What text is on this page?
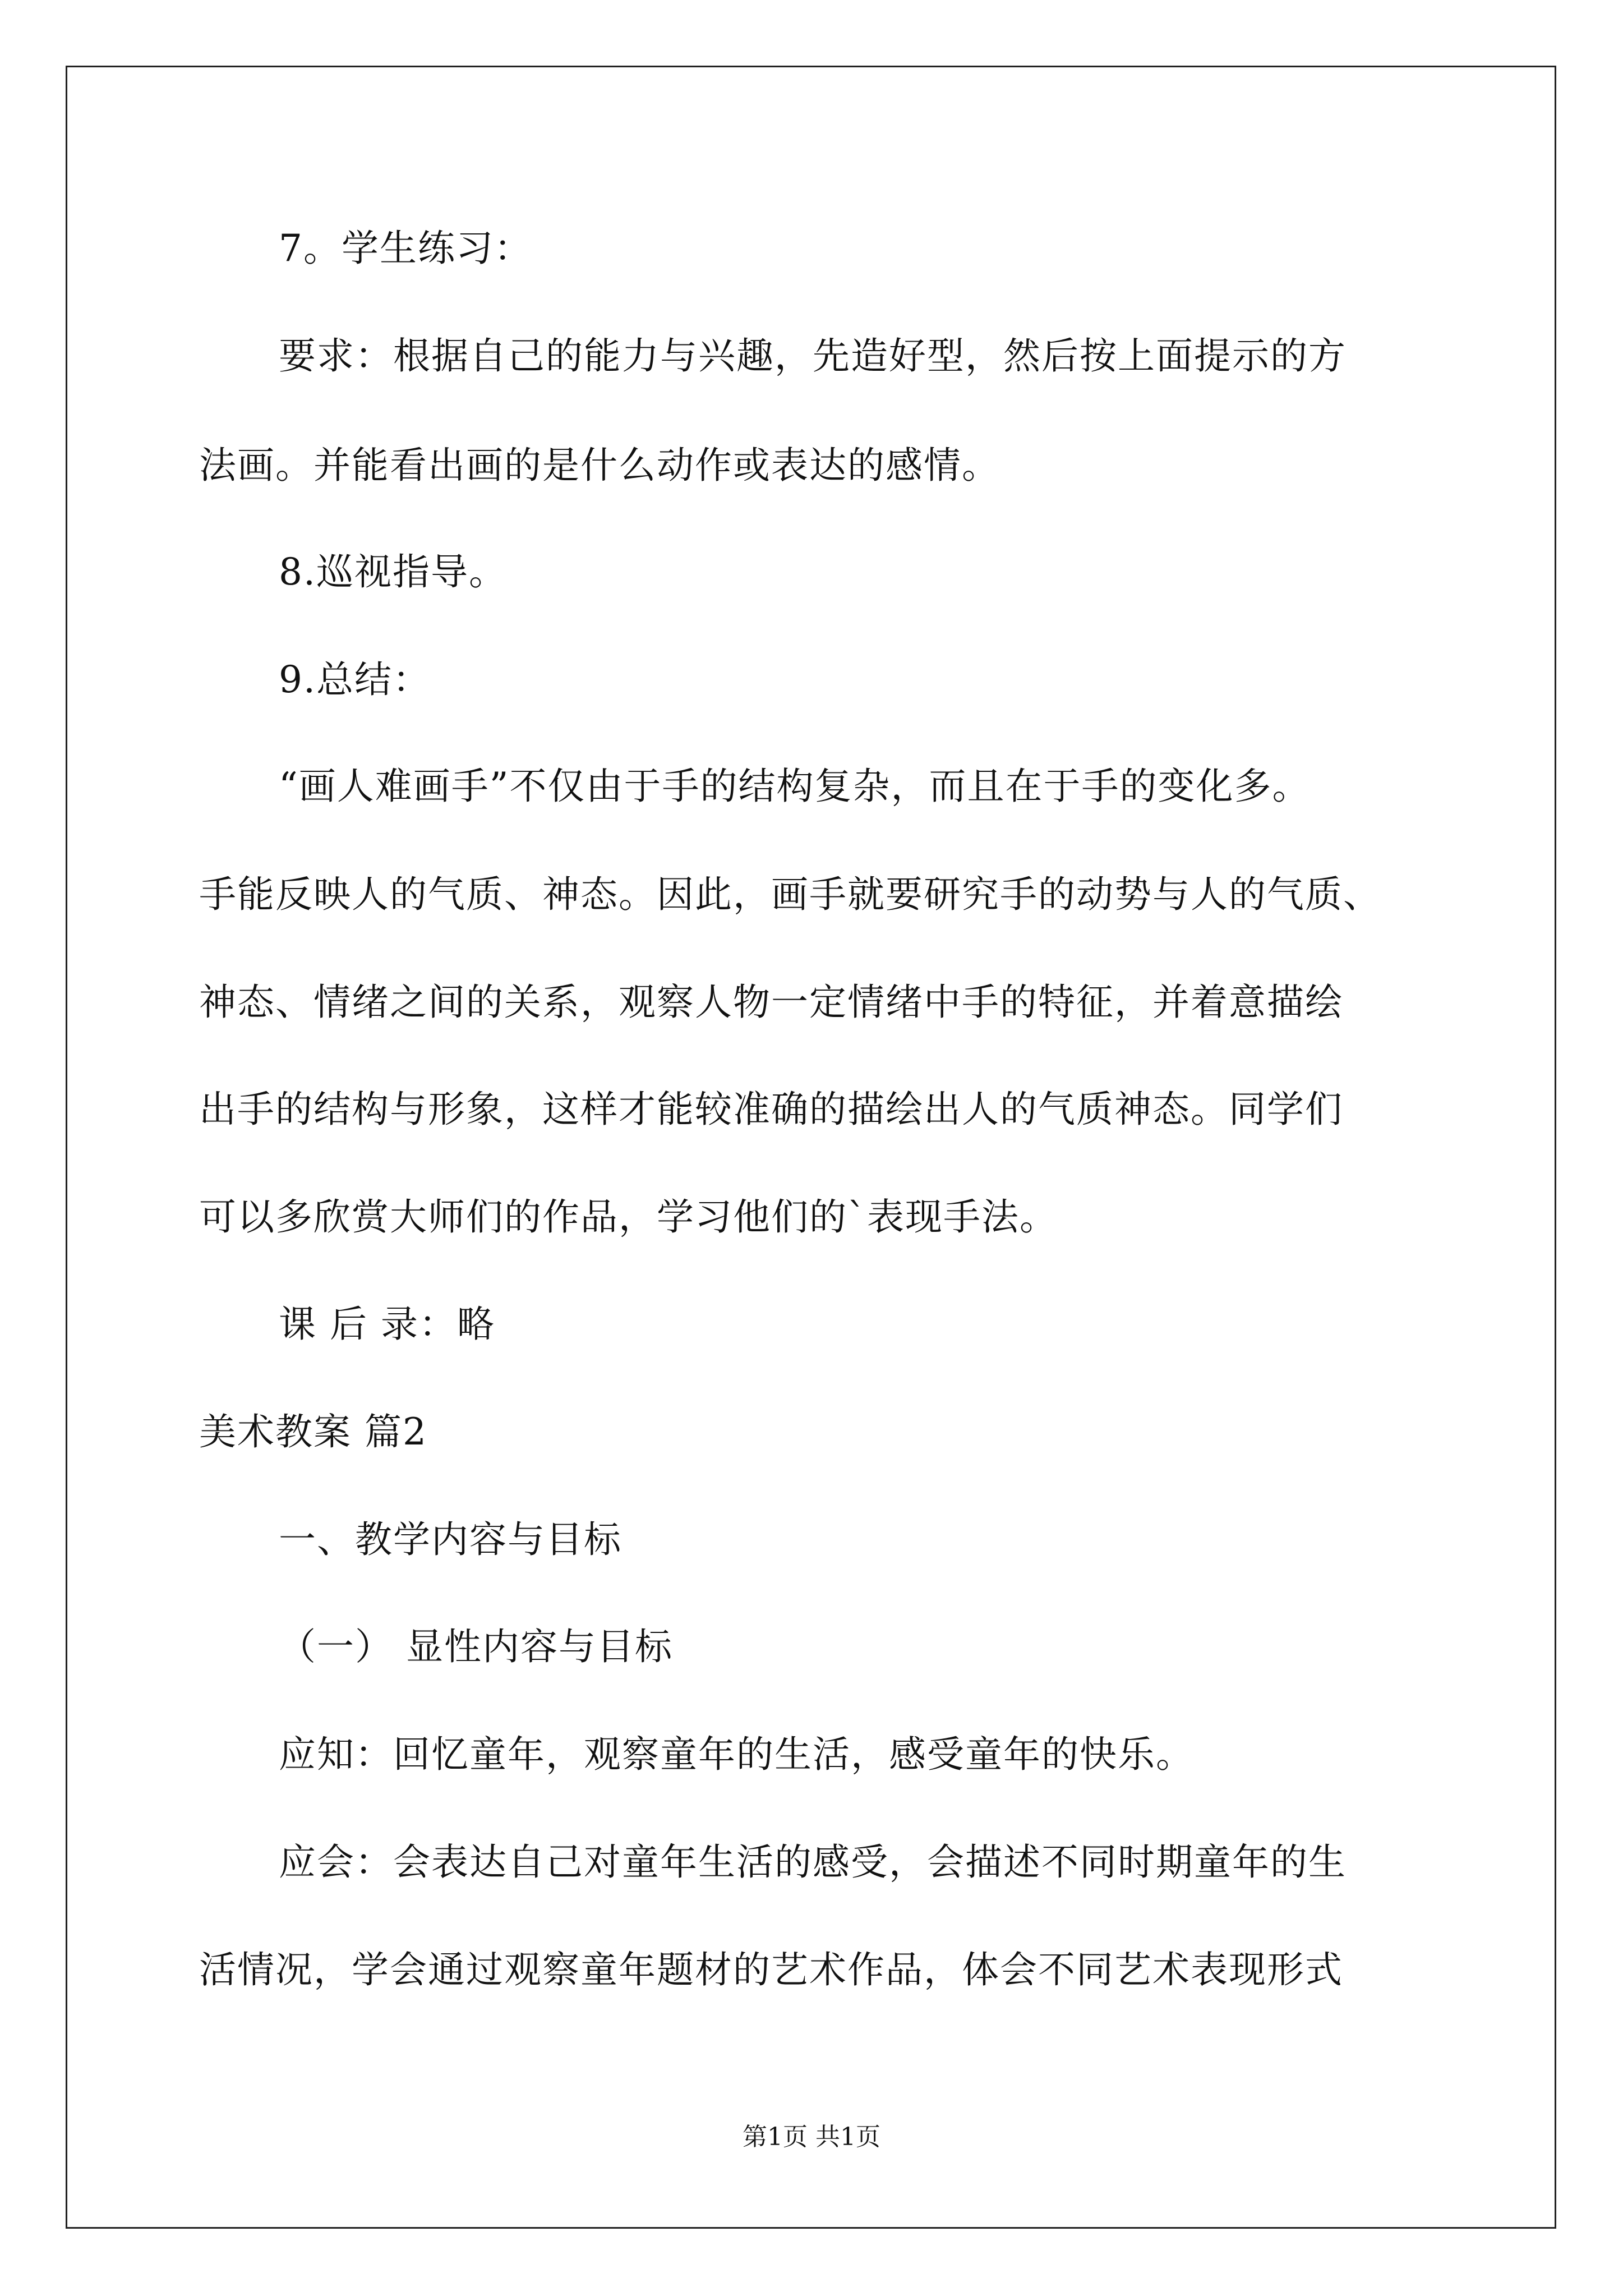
7。学生练习：
要求：根据自己的能力与兴趣，先造好型，然后按上面提示的方
法画。并能看出画的是什么动作或表达的感情。
8.巡视指导。
9.总结：
“画人难画手”不仅由于手的结构复杂，而且在于手的变化多。
手能反映人的气质、神态。因此，画手就要研究手的动势与人的气质、
神态、情绪之间的关系，观察人物一定情绪中手的特征，并着意描绘
出手的结构与形象，这样才能较准确的描绘出人的气质神态。同学们
可以多欣赏大师们的作品，学习他们的`表现手法。
课 后 录：略
美术教案 篇2
一、教学内容与目标
（一） 显性内容与目标
应知：回忆童年，观察童年的生活，感受童年的快乐。
应会：会表达自己对童年生活的感受，会描述不同时期童年的生
活情况，学会通过观察童年题材的艺术作品，体会不同艺术表现形式
第1页 共1页
